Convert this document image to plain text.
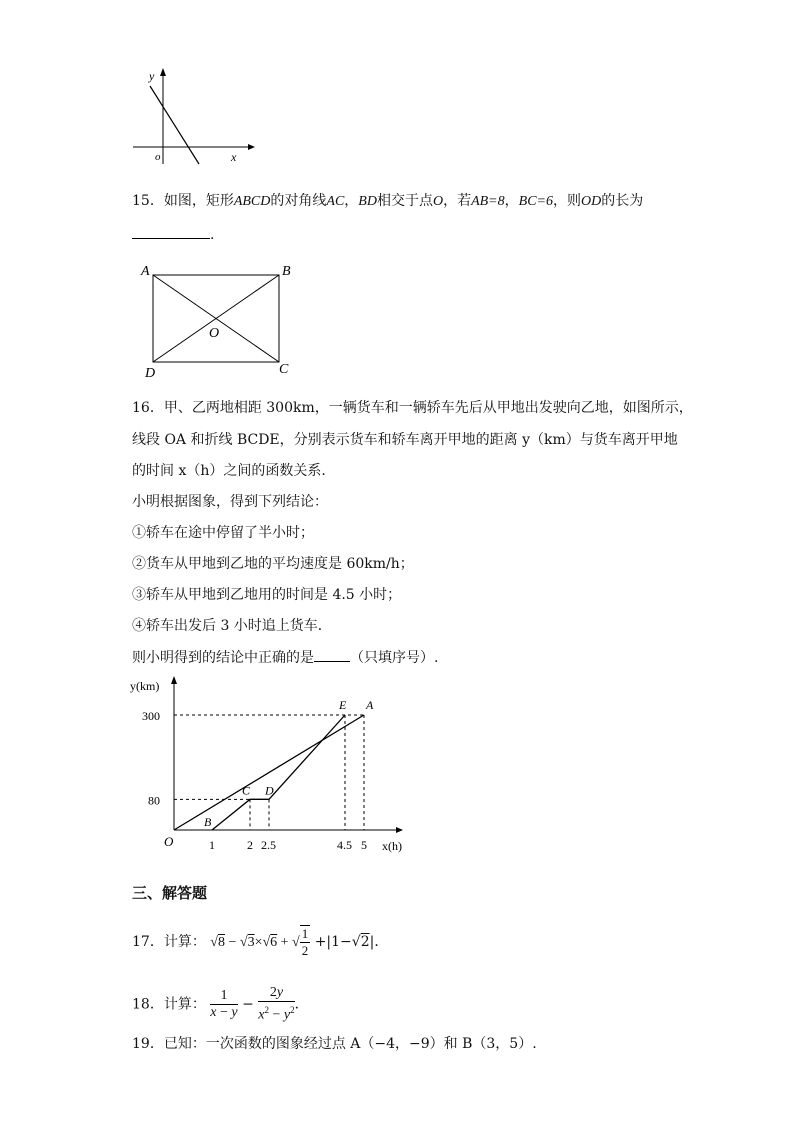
y
x
o
15．如图，矩形ABCD的对角线AC，BD相交于点O，若AB=8，BC=6，则OD的长为
.
A	B
C
D
O
16．甲、乙两地相距 300km，一辆货车和一辆轿车先后从甲地出发驶向乙地，如图所示，
线段 OA 和折线 BCDE，分别表示货车和轿车离开甲地的距离 y（km）与货车离开甲地
的时间 x（h）之间的函数关系．
小明根据图象，得到下列结论：
①轿车在途中停留了半小时；
②货车从甲地到乙地的平均速度是 60km/h；
③轿车从甲地到乙地用的时间是 4.5 小时；
④轿车出发后 3 小时追上货车．
则小明得到的结论中正确的是	（只填序号）.
y(km)
x(h)
O	1	2 2.5	4.5 5
80
300
B
C D
E A
三、解答题
17．计算： √8 − √3×√6 + √ $\frac{1}{2} +|1-√2|$．
18．计算： $\frac{1}{x - y} - \frac{2y}{x^2 - y^2}$ ．
19．已知：一次函数的图象经过点 A（−4，−9）和 B（3，5）.
